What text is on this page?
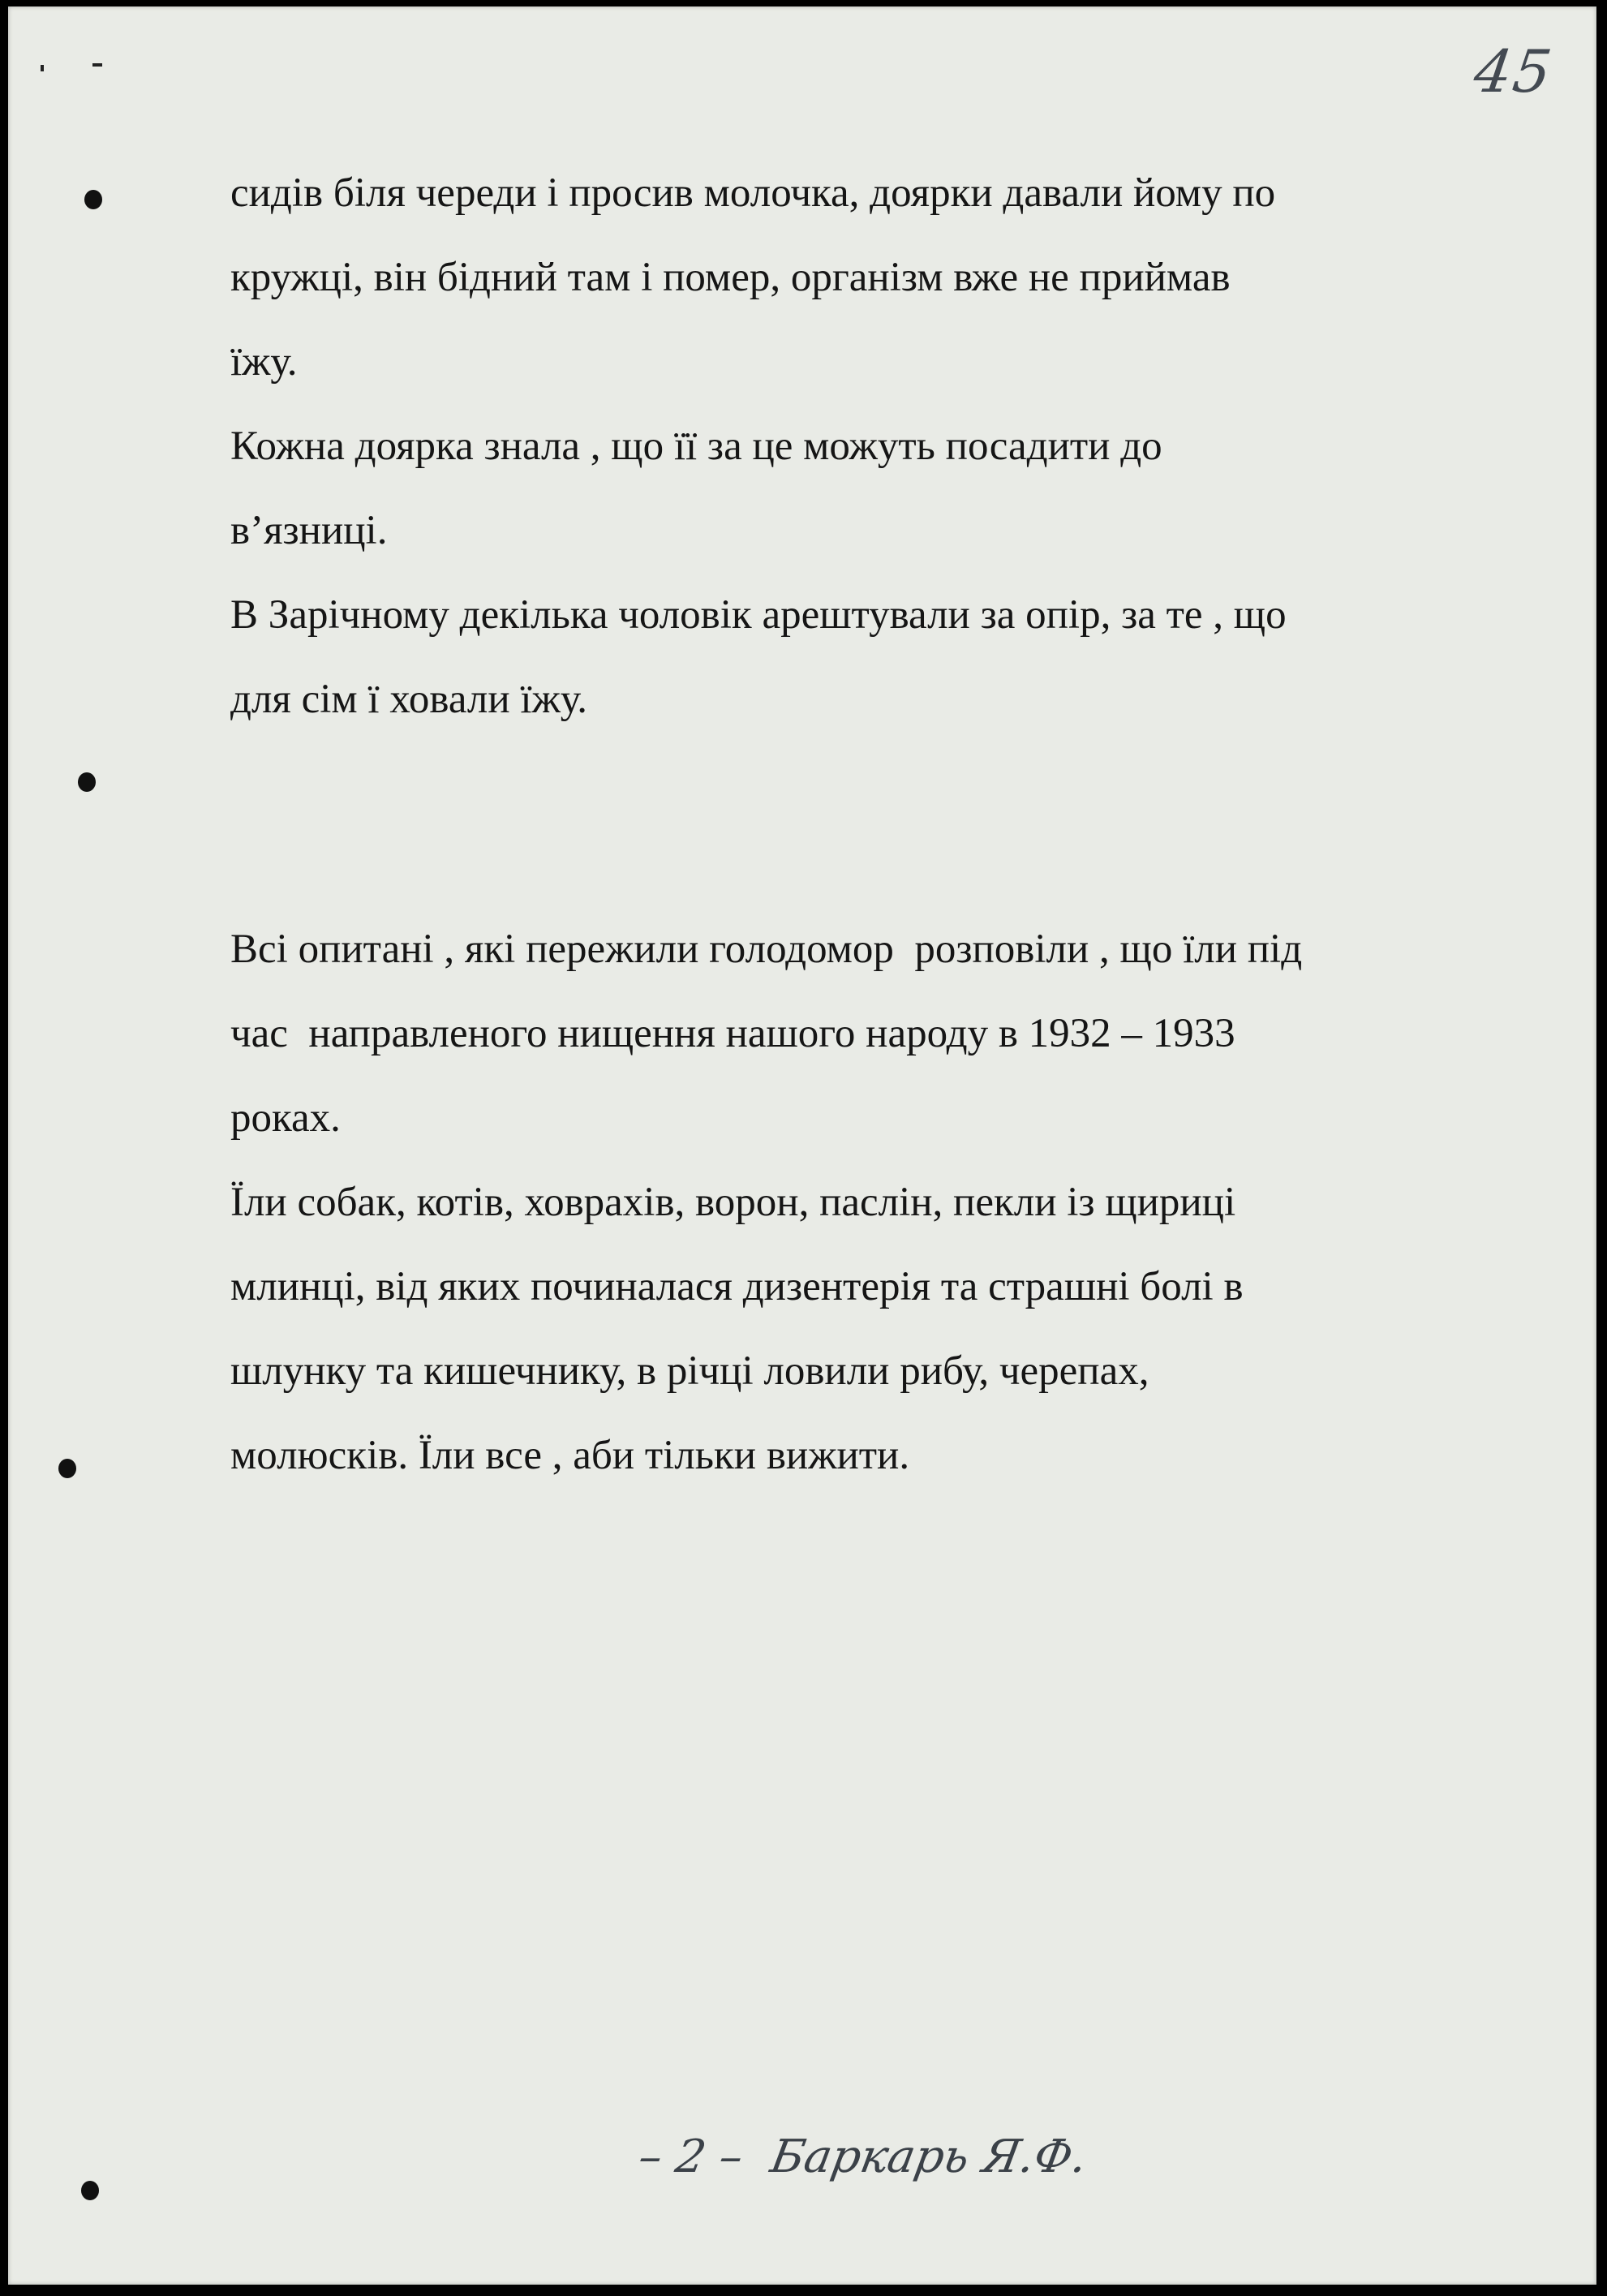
45
сидів біля череди і просив молочка, доярки давали йому по
кружці, він бідний там і помер, організм вже не приймав
їжу.
Кожна доярка знала , що її за це можуть посадити до
в’язниці.
В Зарічному декілька чоловік арештували за опір, за те , що
для сім ї ховали їжу.
Всі опитані , які пережили голодомор  розповіли , що їли під
час  направленого нищення нашого народу в 1932 – 1933
роках.
Їли собак, котів, ховрахів, ворон, паслін, пекли із щириці
млинці, від яких починалася дизентерія та страшні болі в
шлунку та кишечнику, в річці ловили рибу, черепах,
молюсків. Їли все , аби тільки вижити.
– 2 – Баркарь Я.Ф.
